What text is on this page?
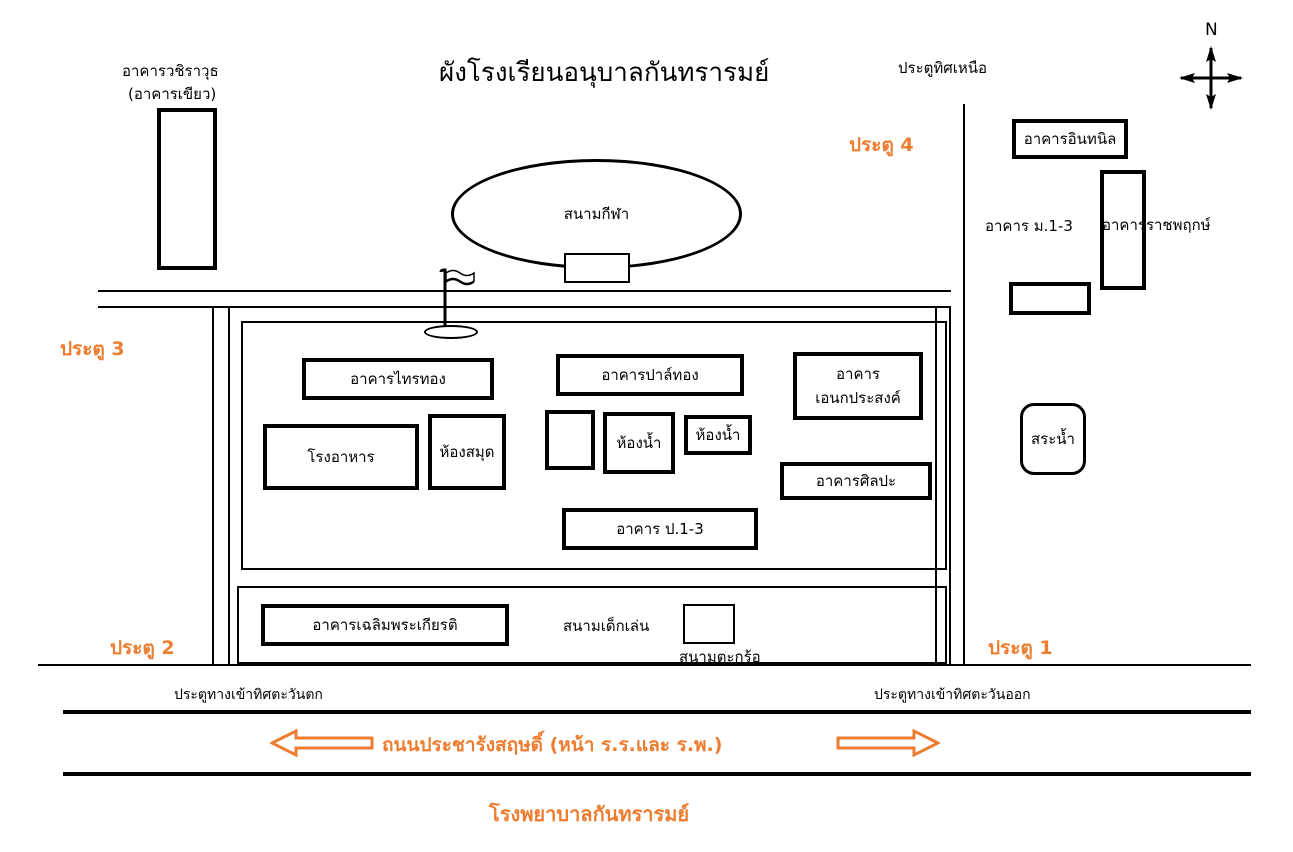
ผังโรงเรียนอนุบาลกันทรารมย์
N
ประตูทิศเหนือ
อาคารวชิราวุธ
(อาคารเขียว)
ประตู 4	อาคารอินทนิล
อาคารราชพฤกษ์
อาคาร ม.1-3
สระน้ำ
สนามกีฬา
ประตู 3
ประตู 2	ประตู 1
อาคารไทรทอง	อาคารปาล์ทอง	อาคารเอนกประสงค์
โรงอาหาร	ห้องสมุด	ห้องน้ำ ห้องน้ำ
อาคารศิลปะ
อาคาร ป.1-3
อาคารเฉลิมพระเกียรติ	สนามเด็กเล่น
สนามตะกร้อ
ประตูทางเข้าทิศตะวันตก	ประตูทางเข้าทิศตะวันออก
ถนนประชารังสฤษดิ์ (หน้า ร.ร.และ ร.พ.)
โรงพยาบาลกันทรารมย์
